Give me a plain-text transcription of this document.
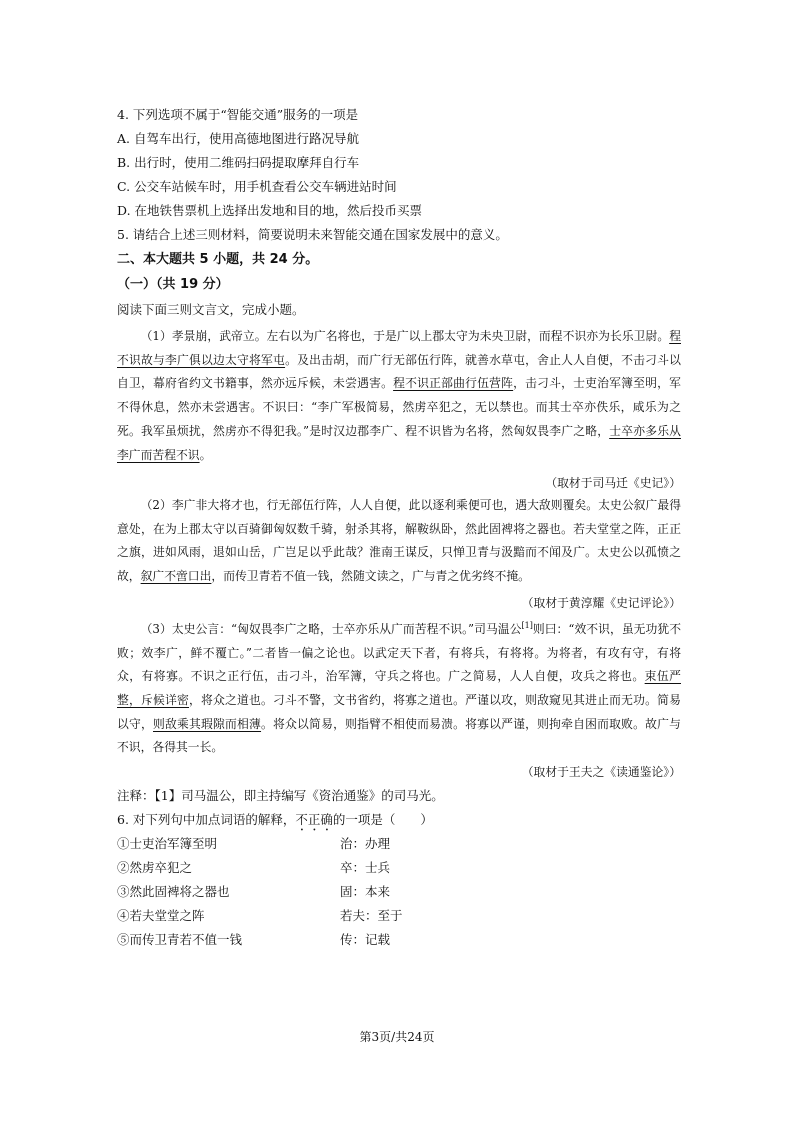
4. 下列选项不属于“智能交通”服务的一项是
A. 自驾车出行，使用高德地图进行路况导航
B. 出行时，使用二维码扫码提取摩拜自行车
C. 公交车站候车时，用手机查看公交车辆进站时间
D. 在地铁售票机上选择出发地和目的地，然后投币买票
5. 请结合上述三则材料，简要说明未来智能交通在国家发展中的意义。
二、本大题共 5 小题，共 24 分。
（一）（共 19 分）
阅读下面三则文言文，完成小题。

（1）孝景崩，武帝立。左右以为广名将也，于是广以上郡太守为未央卫尉，而程不识亦为长乐卫尉。程不识故与李广俱以边太守将军屯。及出击胡，而广行无部伍行阵，就善水草屯，舍止人人自便，不击刁斗以自卫，幕府省约文书籍事，然亦远斥候，未尝遇害。程不识正部曲行伍营阵，击刁斗，士吏治军簿至明，军不得休息，然亦未尝遇害。不识曰：“李广军极简易，然虏卒犯之，无以禁也。而其士卒亦佚乐，咸乐为之死。我军虽烦扰，然虏亦不得犯我。”是时汉边郡李广、程不识皆为名将，然匈奴畏李广之略，士卒亦多乐从李广而苦程不识。

（取材于司马迁《史记》）

（2）李广非大将才也，行无部伍行阵，人人自便，此以逐利乘便可也，遇大敌则覆矣。太史公叙广最得意处，在为上郡太守以百骑御匈奴数千骑，射杀其将，解鞍纵卧，然此固裨将之器也。若夫堂堂之阵，正正之旗，进如风雨，退如山岳，广岂足以乎此哉？淮南王谋反，只惮卫青与汲黯而不闻及广。太史公以孤愤之故，叙广不啻口出，而传卫青若不值一钱，然随文读之，广与青之优劣终不掩。

（取材于黄淳耀《史记评论》）

（3）太史公言：“匈奴畏李广之略，士卒亦乐从广而苦程不识。”司马温公[1]则曰：“效不识，虽无功犹不败；效李广，鲜不覆亡。”二者皆一偏之论也。以武定天下者，有将兵，有将将。为将者，有攻有守，有将众，有将寡。不识之正行伍，击刁斗，治军簿，守兵之将也。广之简易，人人自便，攻兵之将也。束伍严整，斥候详密，将众之道也。刁斗不警，文书省约，将寡之道也。严谨以攻，则敌窥见其进止而无功。简易以守，则敌乘其瑕隙而相薄。将众以简易，则指臂不相使而易溃。将寡以严谨，则拘牵自困而取败。故广与不识，各得其一长。

（取材于王夫之《读通鉴论》）
注释：【1】司马温公，即主持编写《资治通鉴》的司马光。
6. 对下列句中加点词语的解释，不正确的一项是（　　）
①士吏治军簿至明	治：办理
②然虏卒犯之	卒：士兵
③然此固裨将之器也	固：本来
④若夫堂堂之阵	若夫：至于
⑤而传卫青若不值一钱	传：记载
第3页/共24页
